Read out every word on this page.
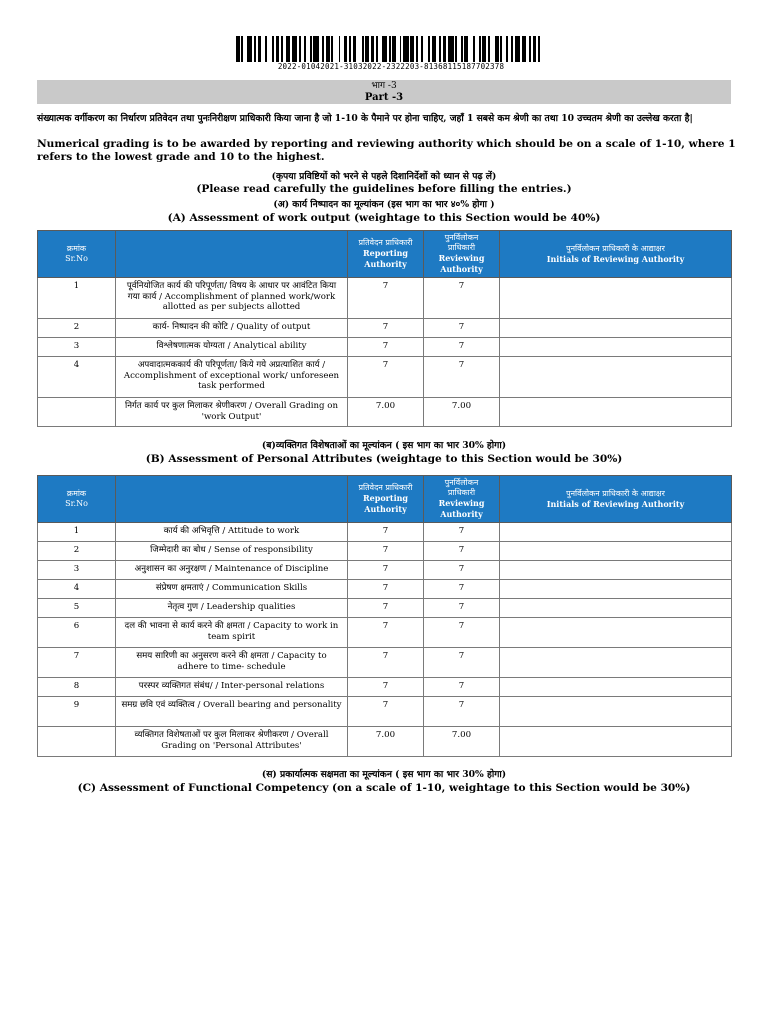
2022-01042021-31032022-2322203-81368115187702378
भाग -3
Part -3
संख्यात्मक वर्गीकरण का निर्धारण प्रतिवेदन तथा पुनःनिरीक्षण प्राधिकारी किया जाना है जो 1-10 के पैमाने पर होना चाहिए, जहाँ 1 सबसे कम श्रेणी का तथा 10 उच्चतम श्रेणी का उल्लेख करता है|
Numerical grading is to be awarded by reporting and reviewing authority which should be on a scale of 1-10, where 1 refers to the lowest grade and 10 to the highest.
(कृपया प्रविष्टियों को भरने से पहले दिशानिर्देशों को ध्यान से पढ़ लें)
(Please read carefully the guidelines before filling the entries.)
(अ) कार्य निष्पादन का मूल्यांकन (इस भाग का भार ४०% होगा )
(A) Assessment of work output (weightage to this Section would be 40%)
क्रमांक
Sr.No		प्रतिवेदन प्राधिकारी
Reporting
Authority	पुनर्विलोकन
प्राधिकारी
Reviewing
Authority	पुनर्विलोकन प्राधिकारी के आद्याक्षर
Initials of Reviewing Authority
1	पूर्वनियोजित कार्य की परिपूर्णता/ विषय के आधार पर आवंटित किया गया कार्य / Accomplishment of planned work/work allotted as per subjects allotted	7	7	
2	कार्य- निष्पादन की कोटि / Quality of output	7	7	
3	विश्लेषणात्मक योग्यता / Analytical ability	7	7	
4	अपवादात्मककार्य की परिपूर्णता/ किये गये अप्रत्याशित कार्य / Accomplishment of exceptional work/ unforeseen task performed	7	7	
	निर्गत कार्य पर कुल मिलाकर श्रेणीकरण / Overall Grading on 'work Output'	7.00	7.00	
(ब)व्यक्तिगत विशेषताओं का मूल्यांकन ( इस भाग का भार 30% होगा)
(B) Assessment of Personal Attributes (weightage to this Section would be 30%)
क्रमांक
Sr.No		प्रतिवेदन प्राधिकारी
Reporting
Authority	पुनर्विलोकन
प्राधिकारी
Reviewing
Authority	पुनर्विलोकन प्राधिकारी के आद्याक्षर
Initials of Reviewing Authority
1	कार्य की अभिवृत्ति / Attitude to work	7	7	
2	जिम्मेदारी का बोध / Sense of responsibility	7	7	
3	अनुशासन का अनुरक्षण / Maintenance of Discipline	7	7	
4	संप्रेषण क्षमताएं / Communication Skills	7	7	
5	नेतृत्व गुण / Leadership qualities	7	7	
6	दल की भावना से कार्य करने की क्षमता / Capacity to work in team spirit	7	7	
7	समय सारिणी का अनुसरण करने की क्षमता / Capacity to adhere to time- schedule	7	7	
8	परस्पर व्यक्तिगत संबंध/ / Inter-personal relations	7	7	
9	समग्र छवि एवं व्यक्तित्व / Overall bearing and personality	7	7	
	व्यक्तिगत विशेषताओं पर कुल मिलाकर श्रेणीकरण / Overall Grading on 'Personal Attributes'	7.00	7.00	
(स) प्रकार्यात्मक सक्षमता का मूल्यांकन ( इस भाग का भार 30% होगा)
(C) Assessment of Functional Competency (on a scale of 1-10, weightage to this Section would be 30%)
